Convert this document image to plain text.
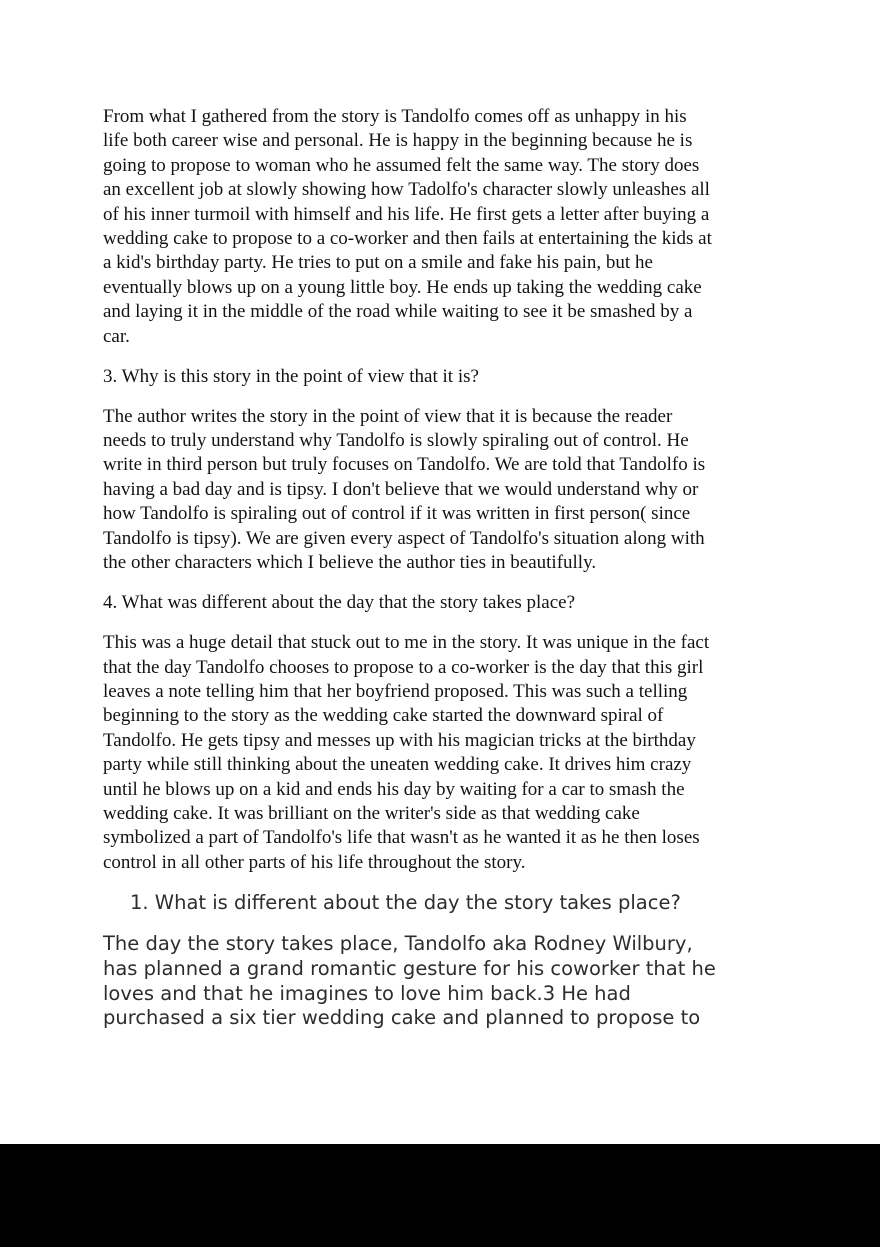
From what I gathered from the story is Tandolfo comes off as unhappy in his
life both career wise and personal. He is happy in the beginning because he is
going to propose to woman who he assumed felt the same way. The story does
an excellent job at slowly showing how Tadolfo's character slowly unleashes all
of his inner turmoil with himself and his life. He first gets a letter after buying a
wedding cake to propose to a co-worker and then fails at entertaining the kids at
a kid's birthday party. He tries to put on a smile and fake his pain, but he
eventually blows up on a young little boy. He ends up taking the wedding cake
and laying it in the middle of the road while waiting to see it be smashed by a
car.
3. Why is this story in the point of view that it is?
The author writes the story in the point of view that it is because the reader
needs to truly understand why Tandolfo is slowly spiraling out of control. He
write in third person but truly focuses on Tandolfo. We are told that Tandolfo is
having a bad day and is tipsy. I don't believe that we would understand why or
how Tandolfo is spiraling out of control if it was written in first person( since
Tandolfo is tipsy). We are given every aspect of Tandolfo's situation along with
the other characters which I believe the author ties in beautifully.
4. What was different about the day that the story takes place?
This was a huge detail that stuck out to me in the story. It was unique in the fact
that the day Tandolfo chooses to propose to a co-worker is the day that this girl
leaves a note telling him that her boyfriend proposed. This was such a telling
beginning to the story as the wedding cake started the downward spiral of
Tandolfo. He gets tipsy and messes up with his magician tricks at the birthday
party while still thinking about the uneaten wedding cake. It drives him crazy
until he blows up on a kid and ends his day by waiting for a car to smash the
wedding cake. It was brilliant on the writer's side as that wedding cake
symbolized a part of Tandolfo's life that wasn't as he wanted it as he then loses
control in all other parts of his life throughout the story.
1. What is different about the day the story takes place?
The day the story takes place, Tandolfo aka Rodney Wilbury,
has planned a grand romantic gesture for his coworker that he
loves and that he imagines to love him back.3 He had
purchased a six tier wedding cake and planned to propose to
